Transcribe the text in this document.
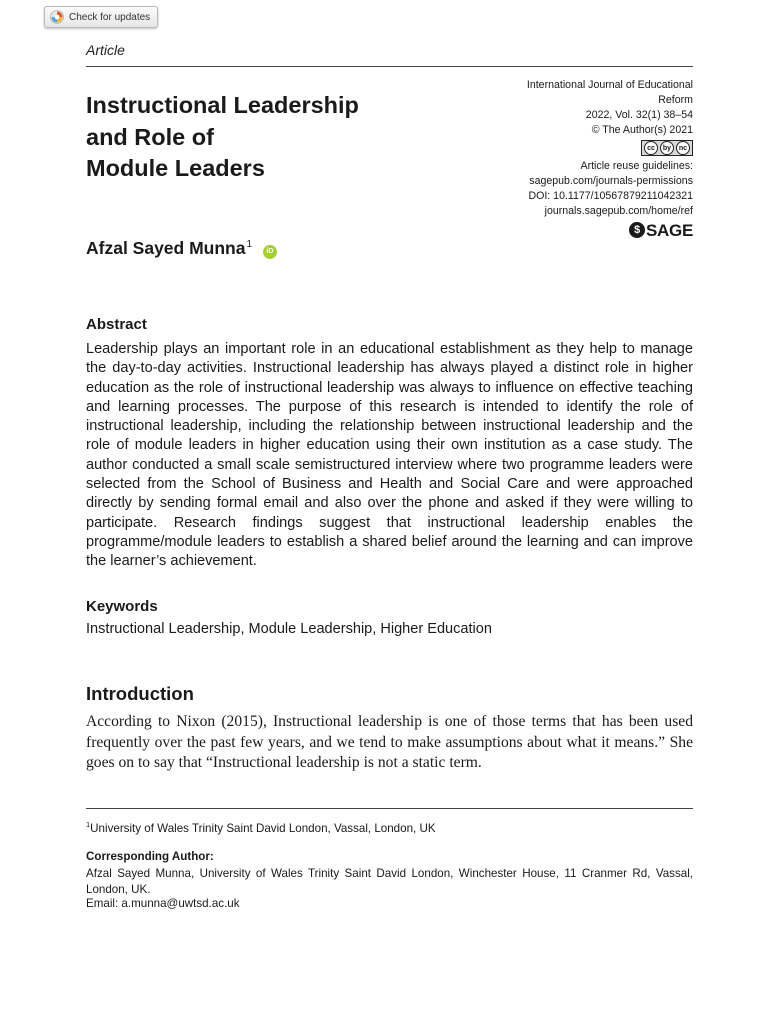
Check for updates
Article
Instructional Leadership
and Role of
Module Leaders
International Journal of Educational
Reform
2022, Vol. 32(1) 38–54
© The Author(s) 2021
cc	by	nc
Article reuse guidelines:
sagepub.com/journals-permissions
DOI: 10.1177/10567879211042321
journals.sagepub.com/home/ref
$ SAGE
Afzal Sayed Munna$^1$ iD
Abstract

Leadership plays an important role in an educational establishment as they help to manage the day-to-day activities. Instructional leadership has always played a distinct role in higher education as the role of instructional leadership was always to influence on effective teaching and learning processes. The purpose of this research is intended to identify the role of instructional leadership, including the relationship between instructional leadership and the role of module leaders in higher education using their own institution as a case study. The author conducted a small scale semistructured interview where two programme leaders were selected from the School of Business and Health and Social Care and were approached directly by sending formal email and also over the phone and asked if they were willing to participate. Research findings suggest that instructional leadership enables the programme/module leaders to establish a shared belief around the learning and can improve the learner’s achievement.

Keywords
Instructional Leadership, Module Leadership, Higher Education
Introduction

According to Nixon (2015), Instructional leadership is one of those terms that has been used frequently over the past few years, and we tend to make assumptions about what it means.” She goes on to say that “Instructional leadership is not a static term.

$^1$University of Wales Trinity Saint David London, Vassal, London, UK
Corresponding Author:

Afzal Sayed Munna, University of Wales Trinity Saint David London, Winchester House, 11 Cranmer Rd, Vassal, London, UK.

Email: a.munna@uwtsd.ac.uk
